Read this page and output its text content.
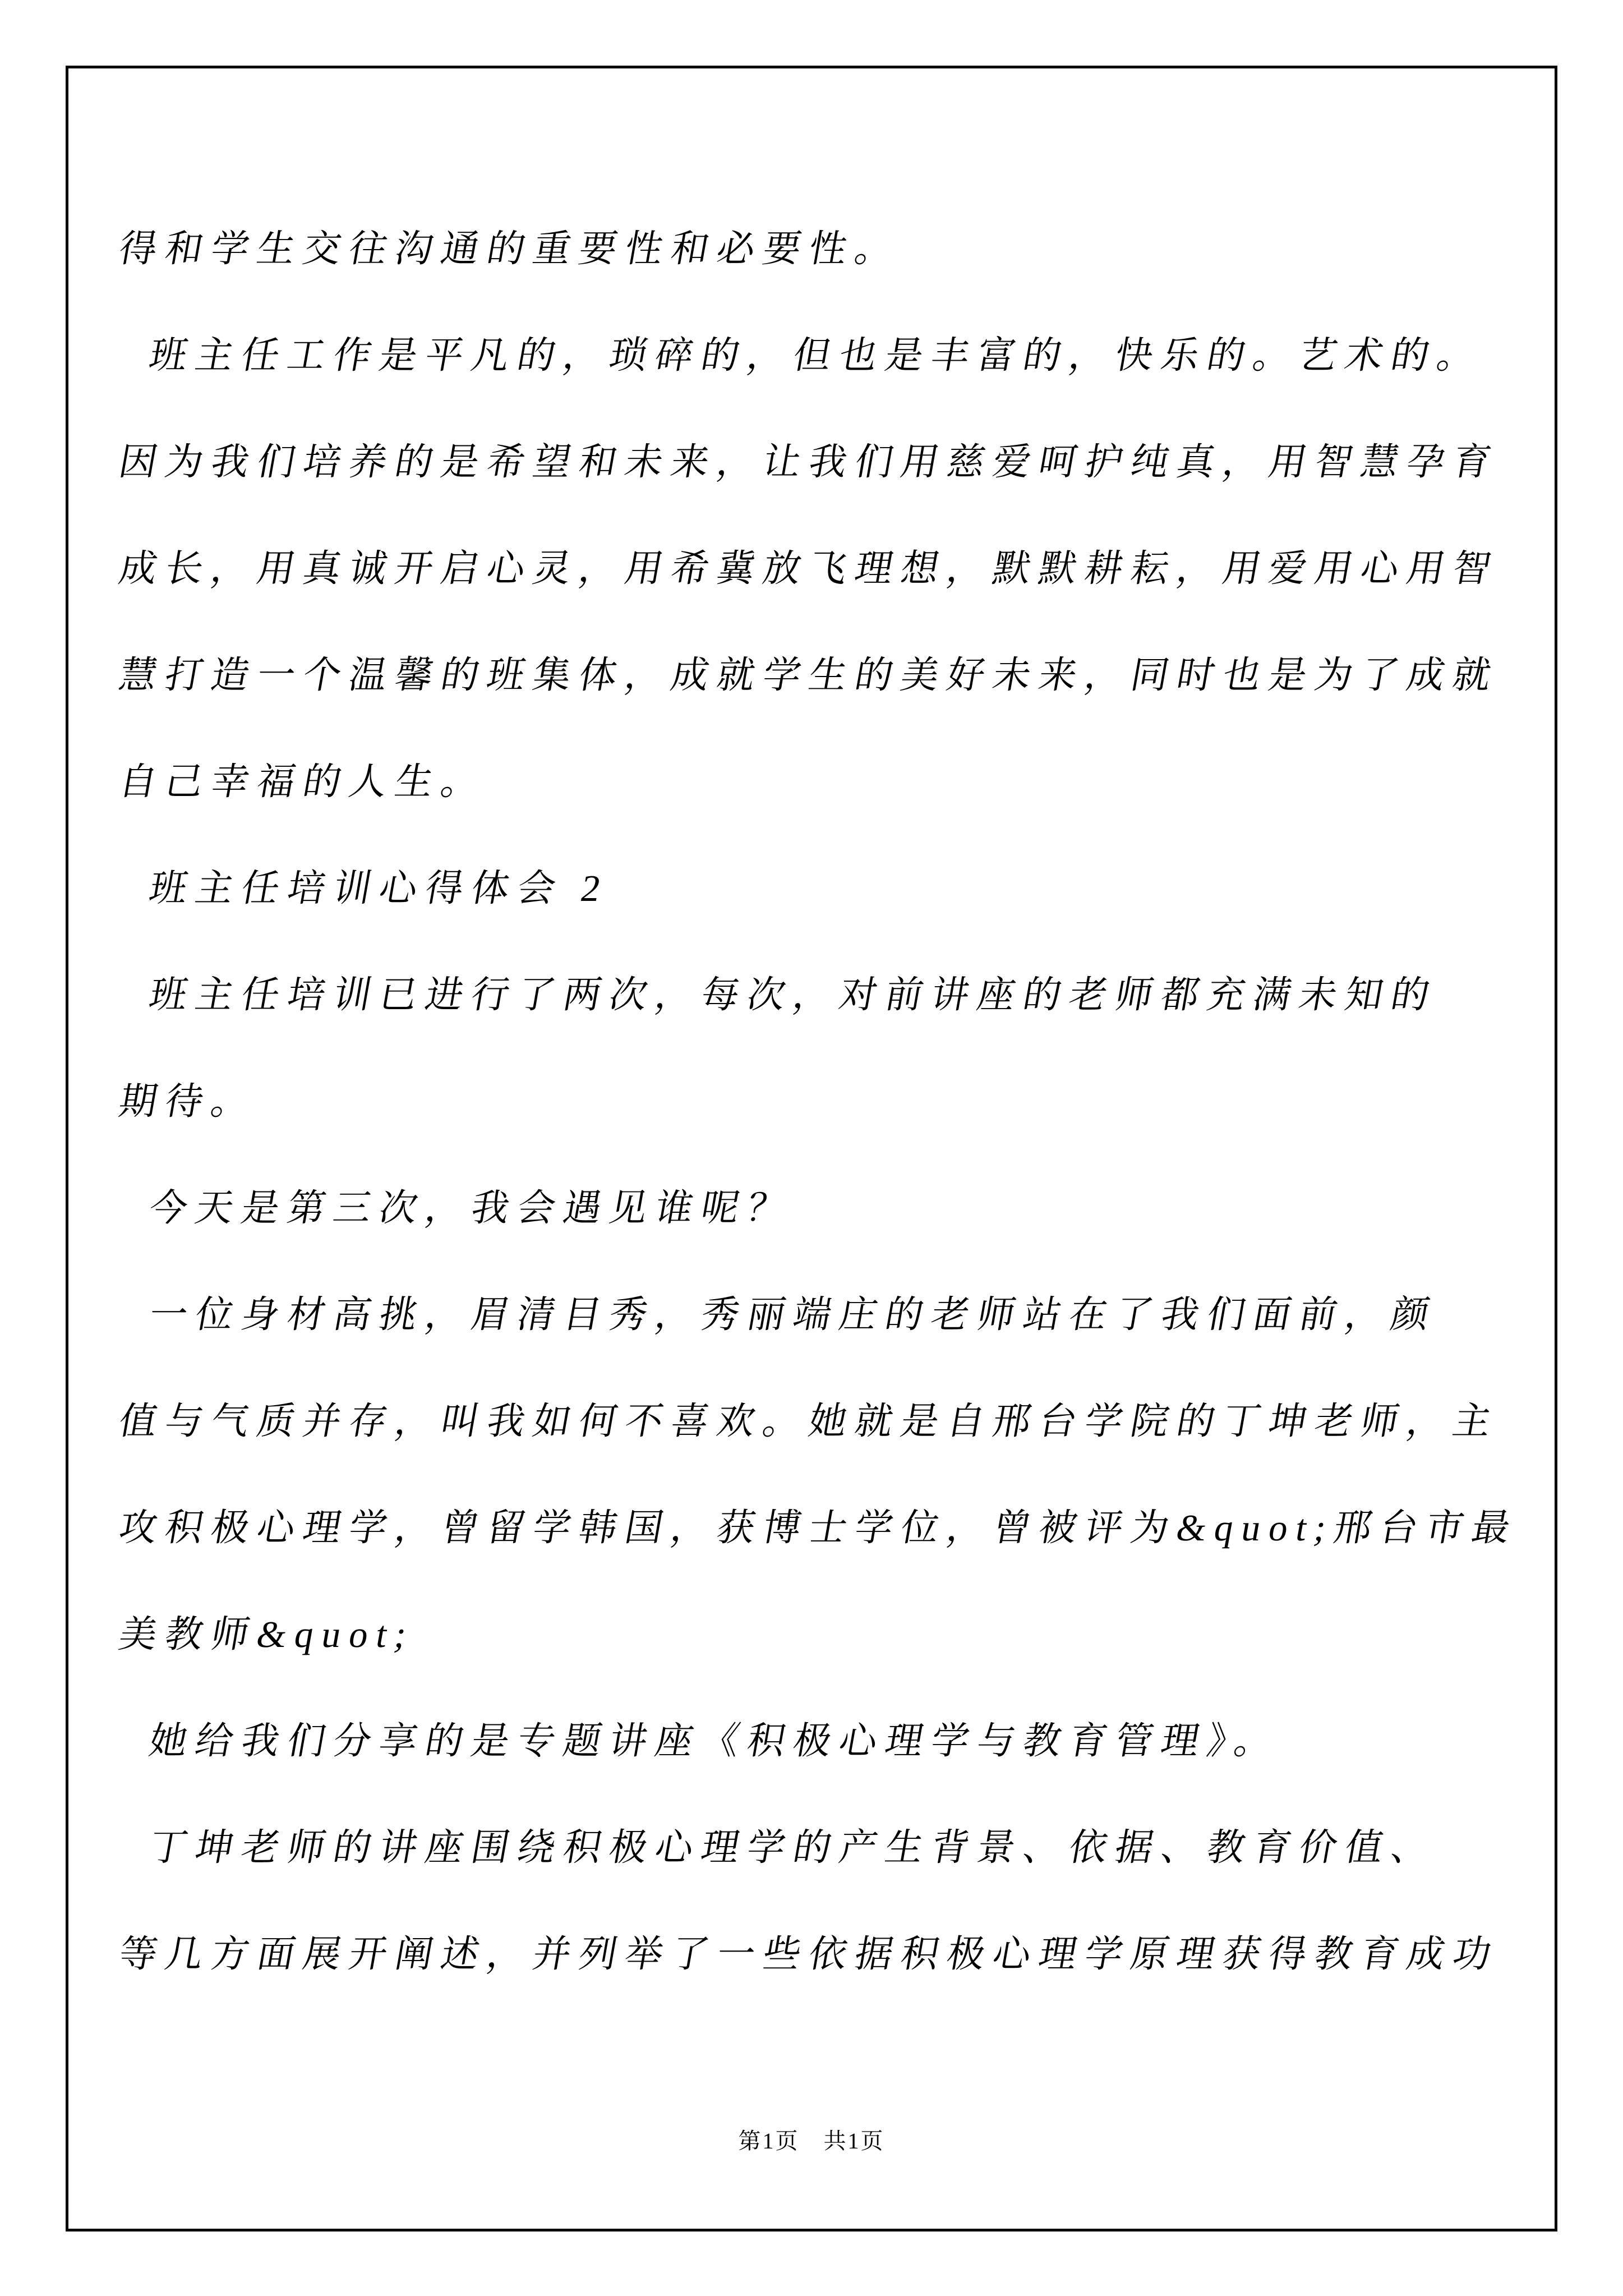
得和学生交往沟通的重要性和必要性。
班主任工作是平凡的，琐碎的，但也是丰富的，快乐的。艺术的。
因为我们培养的是希望和未来，让我们用慈爱呵护纯真，用智慧孕育
成长，用真诚开启心灵，用希冀放飞理想，默默耕耘，用爱用心用智
慧打造一个温馨的班集体，成就学生的美好未来，同时也是为了成就
自己幸福的人生。
班主任培训心得体会 2
班主任培训已进行了两次，每次，对前讲座的老师都充满未知的
期待。
今天是第三次，我会遇见谁呢？
一位身材高挑，眉清目秀，秀丽端庄的老师站在了我们面前，颜
值与气质并存，叫我如何不喜欢。她就是自邢台学院的丁坤老师，主
攻积极心理学，曾留学韩国，获博士学位，曾被评为&quot;邢台市最
美教师&quot;
她给我们分享的是专题讲座《积极心理学与教育管理》。
丁坤老师的讲座围绕积极心理学的产生背景、依据、教育价值、
等几方面展开阐述，并列举了一些依据积极心理学原理获得教育成功
第1页　共1页
